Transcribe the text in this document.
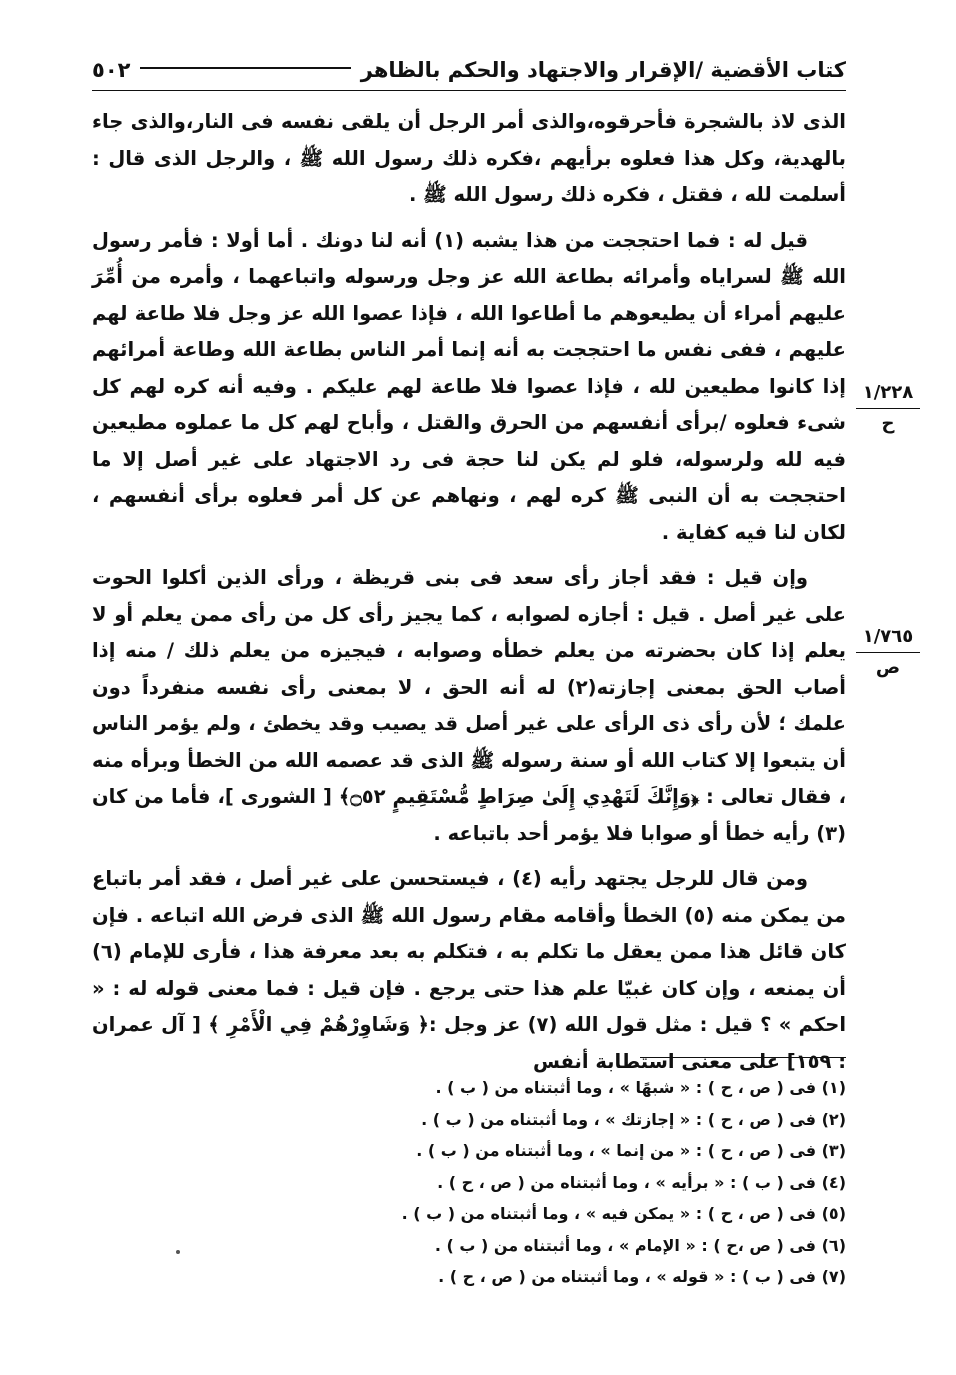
كتاب الأقضية /الإقرار والاجتهاد والحكم بالظاهر
٥٠٢

الذى لاذ بالشجرة فأحرقوه،والذى أمر الرجل أن يلقى نفسه فى النار،والذى جاء بالهدية، وكل هذا فعلوه برأيهم ،فكره ذلك رسول الله ﷺ ، والرجل الذى قال : أسلمت لله ، فقتل ، فكره ذلك رسول الله ﷺ .

قيل له : فما احتججت من هذا يشبه (١) أنه لنا دونك . أما أولا : فأمر رسول الله ﷺ لسراياه وأمرائه بطاعة الله عز وجل ورسوله واتباعهما ، وأمره من أُمِّرَ عليهم أمراء أن يطيعوهم ما أطاعوا الله ، فإذا عصوا الله عز وجل فلا طاعة لهم عليهم ، ففى نفس ما احتججت به أنه إنما أمر الناس بطاعة الله وطاعة أمرائهم إذا كانوا مطيعين لله ، فإذا عصوا فلا طاعة لهم عليكم . وفيه أنه كره لهم كل شىء فعلوه /برأى أنفسهم من الحرق والقتل ، وأباح لهم كل ما عملوه مطيعين فيه لله ولرسوله، فلو لم يكن لنا حجة فى رد الاجتهاد على غير أصل إلا ما احتججت به أن النبى ﷺ كره لهم ، ونهاهم عن كل أمر فعلوه برأى أنفسهم ، لكان لنا فيه كفاية .

وإن قيل : فقد أجاز رأى سعد فى بنى قريظة ، ورأى الذين أكلوا الحوت على غير أصل . قيل : أجازه لصوابه ، كما يجيز رأى كل من رأى ممن يعلم أو لا يعلم إذا كان بحضرته من يعلم خطأه وصوابه ، فيجيزه من يعلم ذلك / منه إذا أصاب الحق بمعنى إجازته(٢) له أنه الحق ، لا بمعنى رأى نفسه منفرداً دون علمك ؛ لأن رأى ذى الرأى على غير أصل قد يصيب وقد يخطئ ، ولم يؤمر الناس أن يتبعوا إلا كتاب الله أو سنة رسوله ﷺ الذى قد عصمه الله من الخطأ وبرأه منه ، فقال تعالى : ﴿وَإِنَّكَ لَتَهْدِي إِلَىٰ صِرَاطٍ مُّسْتَقِيمٍ ۝٥٢﴾ [ الشورى ]، فأما من كان (٣) رأيه خطأ أو صوابا فلا يؤمر أحد باتباعه .

ومن قال للرجل يجتهد رأيه (٤) ، فيستحسن على غير أصل ، فقد أمر باتباع من يمكن منه (٥) الخطأ وأقامه مقام رسول الله ﷺ الذى فرض الله اتباعه . فإن كان قائل هذا ممن يعقل ما تكلم به ، فتكلم به بعد معرفة هذا ، فأرى للإمام (٦) أن يمنعه ، وإن كان غبيّا علم هذا حتى يرجع . فإن قيل : فما معنى قوله له : « احكم » ؟ قيل : مثل قول الله (٧) عز وجل :﴿ وَشَاوِرْهُمْ فِي الْأَمْرِ ﴾ [ آل عمران : ١٥٩] على معنى استطابة أنفس

١/٢٢٨
ح
١/٧٦٥
ص
(١) فى ( ص ، ح ) : « شبهًا » ، وما أثبتناه من ( ب ) .
(٢) فى ( ص ، ح ) : « إجازتك » ، وما أثبتناه من ( ب ) .
(٣) فى ( ص ، ح ) : « من إنما » ، وما أثبتناه من ( ب ) .
(٤) فى ( ب ) : « برأيه » ، وما أثبتناه من ( ص ، ح ) .
(٥) فى ( ص ، ح ) : « يمكن فيه » ، وما أثبتناه من ( ب ) .
(٦) فى ( ص ،ح ) : « الإمام » ، وما أثبتناه من ( ب ) .
(٧) فى ( ب ) : « قوله » ، وما أثبتناه من ( ص ، ح ) .
